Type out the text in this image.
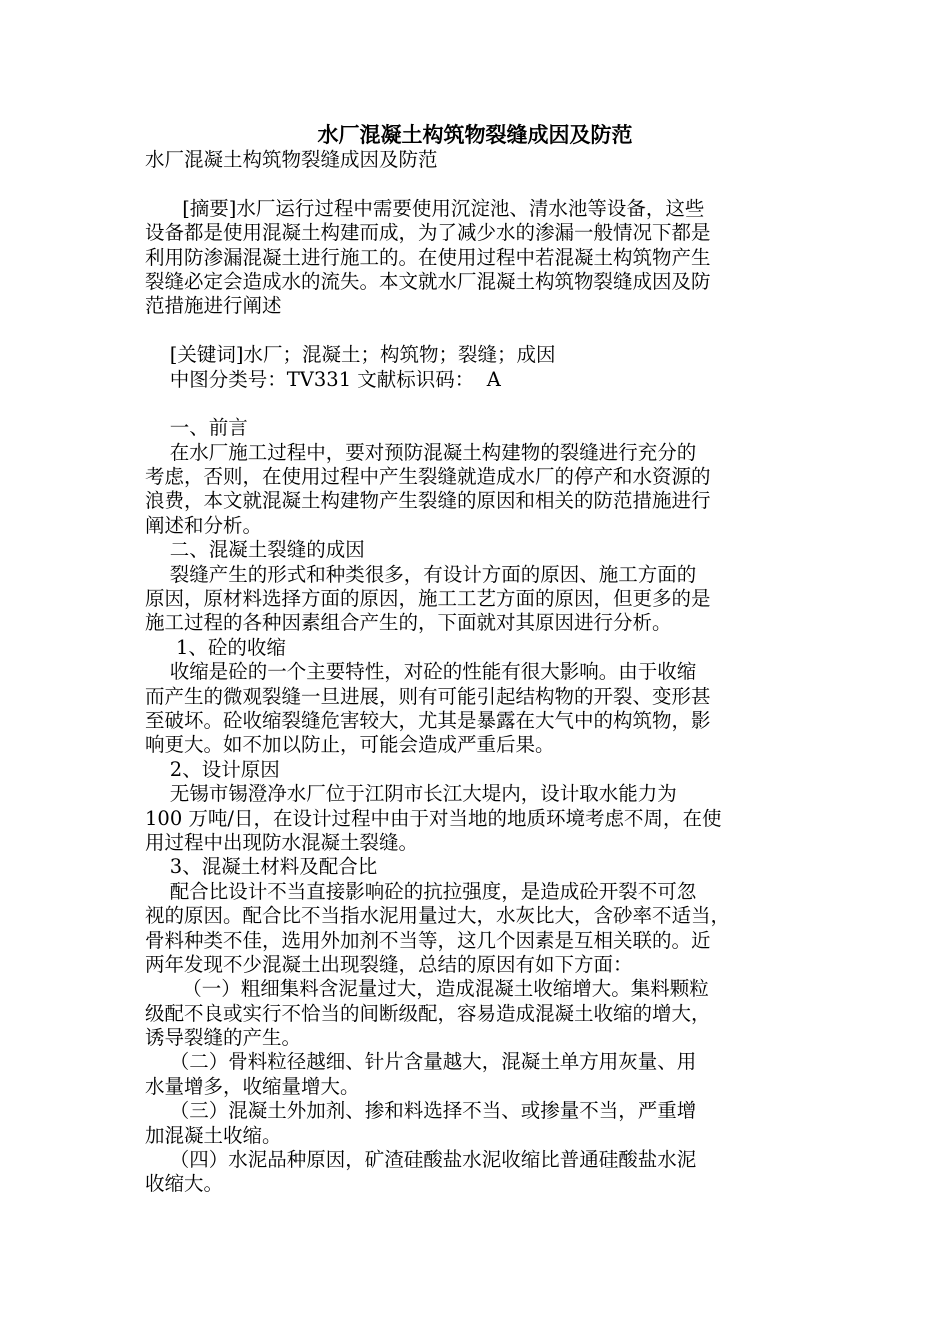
水厂混凝土构筑物裂缝成因及防范
水厂混凝土构筑物裂缝成因及防范
[摘要]水厂运行过程中需要使用沉淀池、清水池等设备，这些
设备都是使用混凝土构建而成，为了减少水的渗漏一般情况下都是
利用防渗漏混凝土进行施工的。在使用过程中若混凝土构筑物产生
裂缝必定会造成水的流失。本文就水厂混凝土构筑物裂缝成因及防
范措施进行阐述
[关键词]水厂；混凝土；构筑物；裂缝；成因
中图分类号：TV331 文献标识码：  A
一、前言
在水厂施工过程中，要对预防混凝土构建物的裂缝进行充分的
考虑，否则，在使用过程中产生裂缝就造成水厂的停产和水资源的
浪费，本文就混凝土构建物产生裂缝的原因和相关的防范措施进行
阐述和分析。
二、混凝土裂缝的成因
裂缝产生的形式和种类很多，有设计方面的原因、施工方面的
原因，原材料选择方面的原因，施工工艺方面的原因，但更多的是
施工过程的各种因素组合产生的，下面就对其原因进行分析。
1、砼的收缩
收缩是砼的一个主要特性，对砼的性能有很大影响。由于收缩
而产生的微观裂缝一旦进展，则有可能引起结构物的开裂、变形甚
至破坏。砼收缩裂缝危害较大，尤其是暴露在大气中的构筑物，影
响更大。如不加以防止，可能会造成严重后果。
2、设计原因
无锡市锡澄净水厂位于江阴市长江大堤内，设计取水能力为
100 万吨/日，在设计过程中由于对当地的地质环境考虑不周，在使
用过程中出现防水混凝土裂缝。
3、混凝土材料及配合比
配合比设计不当直接影响砼的抗拉强度，是造成砼开裂不可忽
视的原因。配合比不当指水泥用量过大，水灰比大，含砂率不适当，
骨料种类不佳，选用外加剂不当等，这几个因素是互相关联的。近
两年发现不少混凝土出现裂缝，总结的原因有如下方面：
（一）粗细集料含泥量过大，造成混凝土收缩增大。集料颗粒
级配不良或实行不恰当的间断级配，容易造成混凝土收缩的增大，
诱导裂缝的产生。
（二）骨料粒径越细、针片含量越大，混凝土单方用灰量、用
水量增多，收缩量增大。
（三）混凝土外加剂、掺和料选择不当、或掺量不当，严重增
加混凝土收缩。
（四）水泥品种原因，矿渣硅酸盐水泥收缩比普通硅酸盐水泥
收缩大。
